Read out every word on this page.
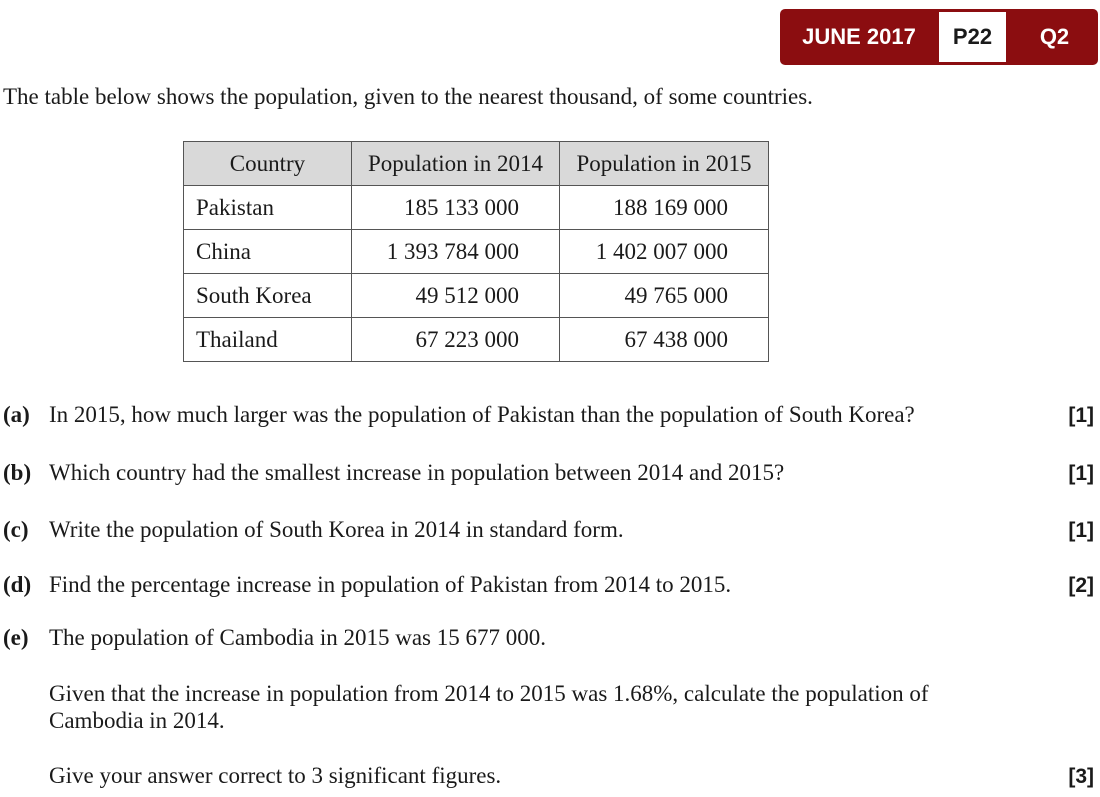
JUNE 2017	P22	Q2
The table below shows the population, given to the nearest thousand, of some countries.
Country	Population in 2014	Population in 2015
Pakistan	185 133 000	188 169 000
China	1 393 784 000	1 402 007 000
South Korea	49 512 000	49 765 000
Thailand	67 223 000	67 438 000
(a) In 2015, how much larger was the population of Pakistan than the population of South Korea?	[1]
(b) Which country had the smallest increase in population between 2014 and 2015?	[1]
(c) Write the population of South Korea in 2014 in standard form.	[1]
(d) Find the percentage increase in population of Pakistan from 2014 to 2015.	[2]
(e) The population of Cambodia in 2015 was 15 677 000.
Given that the increase in population from 2014 to 2015 was 1.68%, calculate the population of Cambodia in 2014.
Give your answer correct to 3 significant figures.	[3]
